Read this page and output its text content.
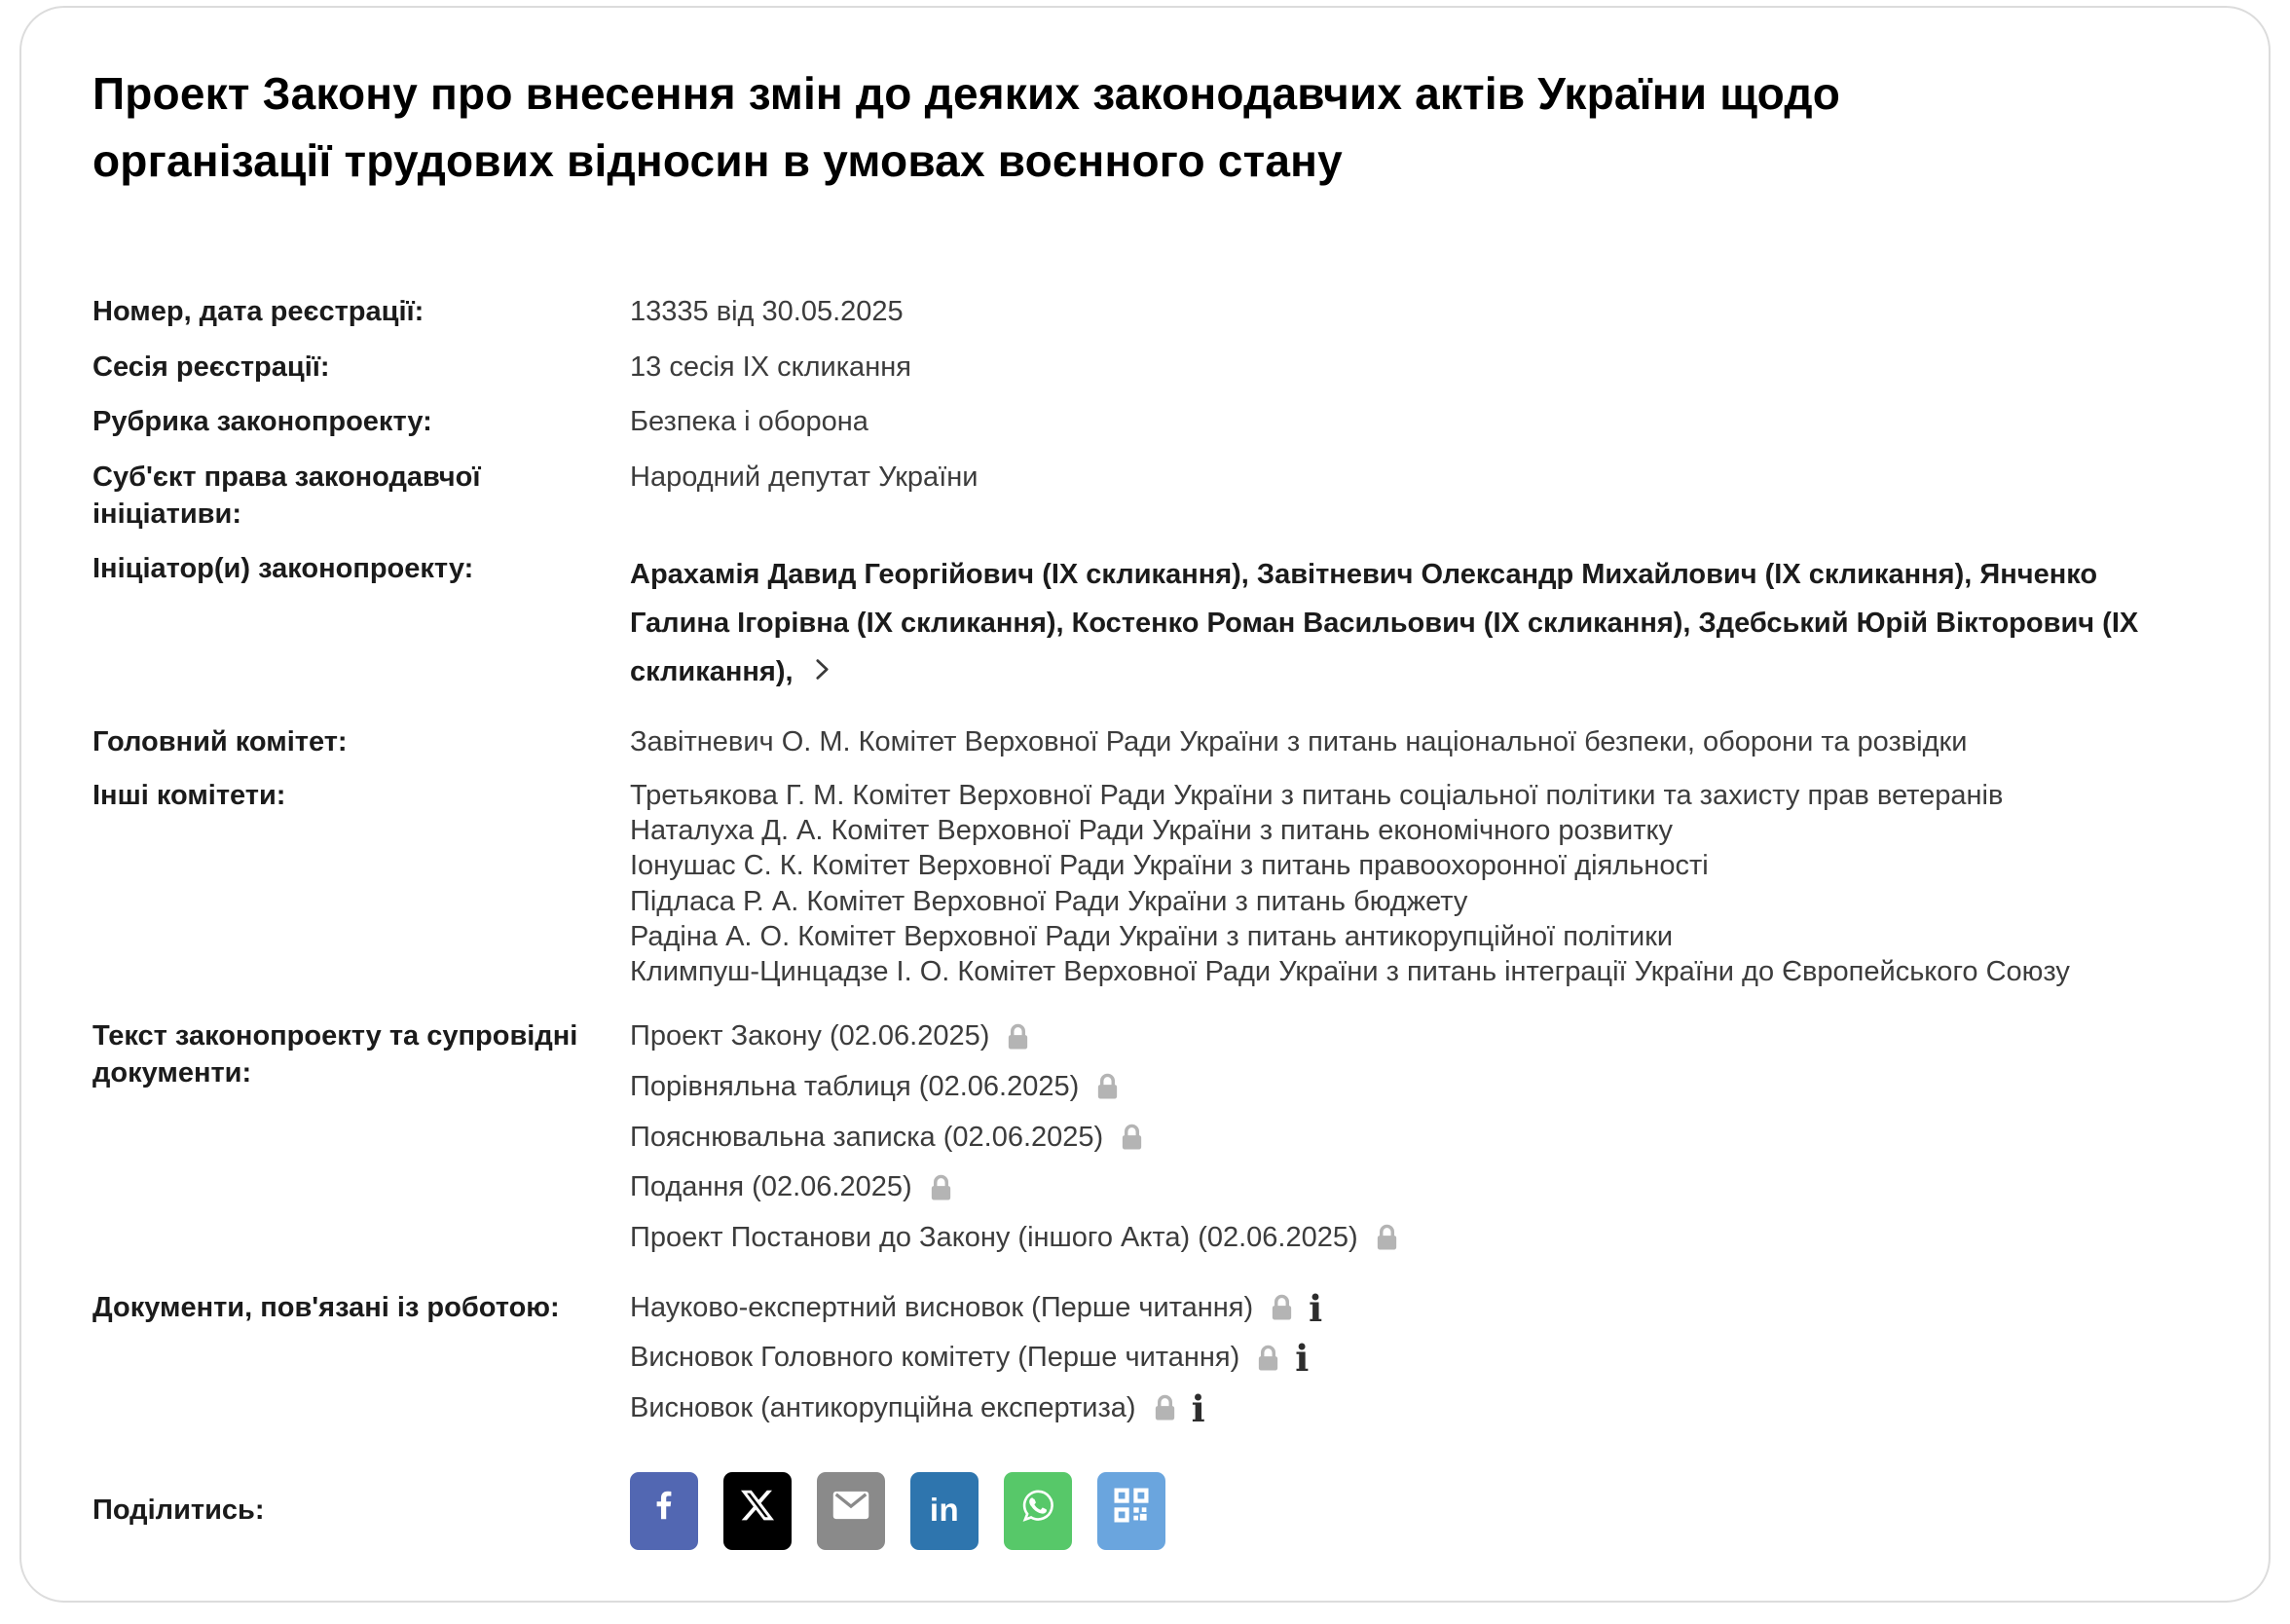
Проект Закону про внесення змін до деяких законодавчих актів України щодо організації трудових відносин в умовах воєнного стану
Номер, дата реєстрації:	13335 від 30.05.2025
Сесія реєстрації:	13 сесія IX скликання
Рубрика законопроекту:	Безпека і оборона
Суб'єкт права законодавчої ініціативи:
Народний депутат України
Ініціатор(и) законопроекту:	Арахамія Давид Георгійович (IX скликання), Завітневич Олександр Михайлович (IX скликання), Янченко Галина Ігорівна (IX скликання), Костенко Роман Васильович (IX скликання), Здебський Юрій Вікторович (IX скликання),
Головний комітет:	Завітневич О. М. Комітет Верховної Ради України з питань національної безпеки, оборони та розвідки
Інші комітети:	Третьякова Г. М. Комітет Верховної Ради України з питань соціальної політики та захисту прав ветеранів
Наталуха Д. А. Комітет Верховної Ради України з питань економічного розвитку
Іонушас С. К. Комітет Верховної Ради України з питань правоохоронної діяльності
Підласа Р. А. Комітет Верховної Ради України з питань бюджету
Радіна А. О. Комітет Верховної Ради України з питань антикорупційної політики
Климпуш-Цинцадзе І. О. Комітет Верховної Ради України з питань інтеграції України до Європейського Союзу
Текст законопроекту та супровідні документи:
Проект Закону (02.06.2025)
Порівняльна таблиця (02.06.2025)
Пояснювальна записка (02.06.2025)
Подання (02.06.2025)
Проект Постанови до Закону (іншого Акта) (02.06.2025)
Документи, пов'язані із роботою:	Науково-експертний висновок (Перше читання) i
Висновок Головного комітету (Перше читання) i
Висновок (антикорупційна експертиза) i
Поділитись:	in
